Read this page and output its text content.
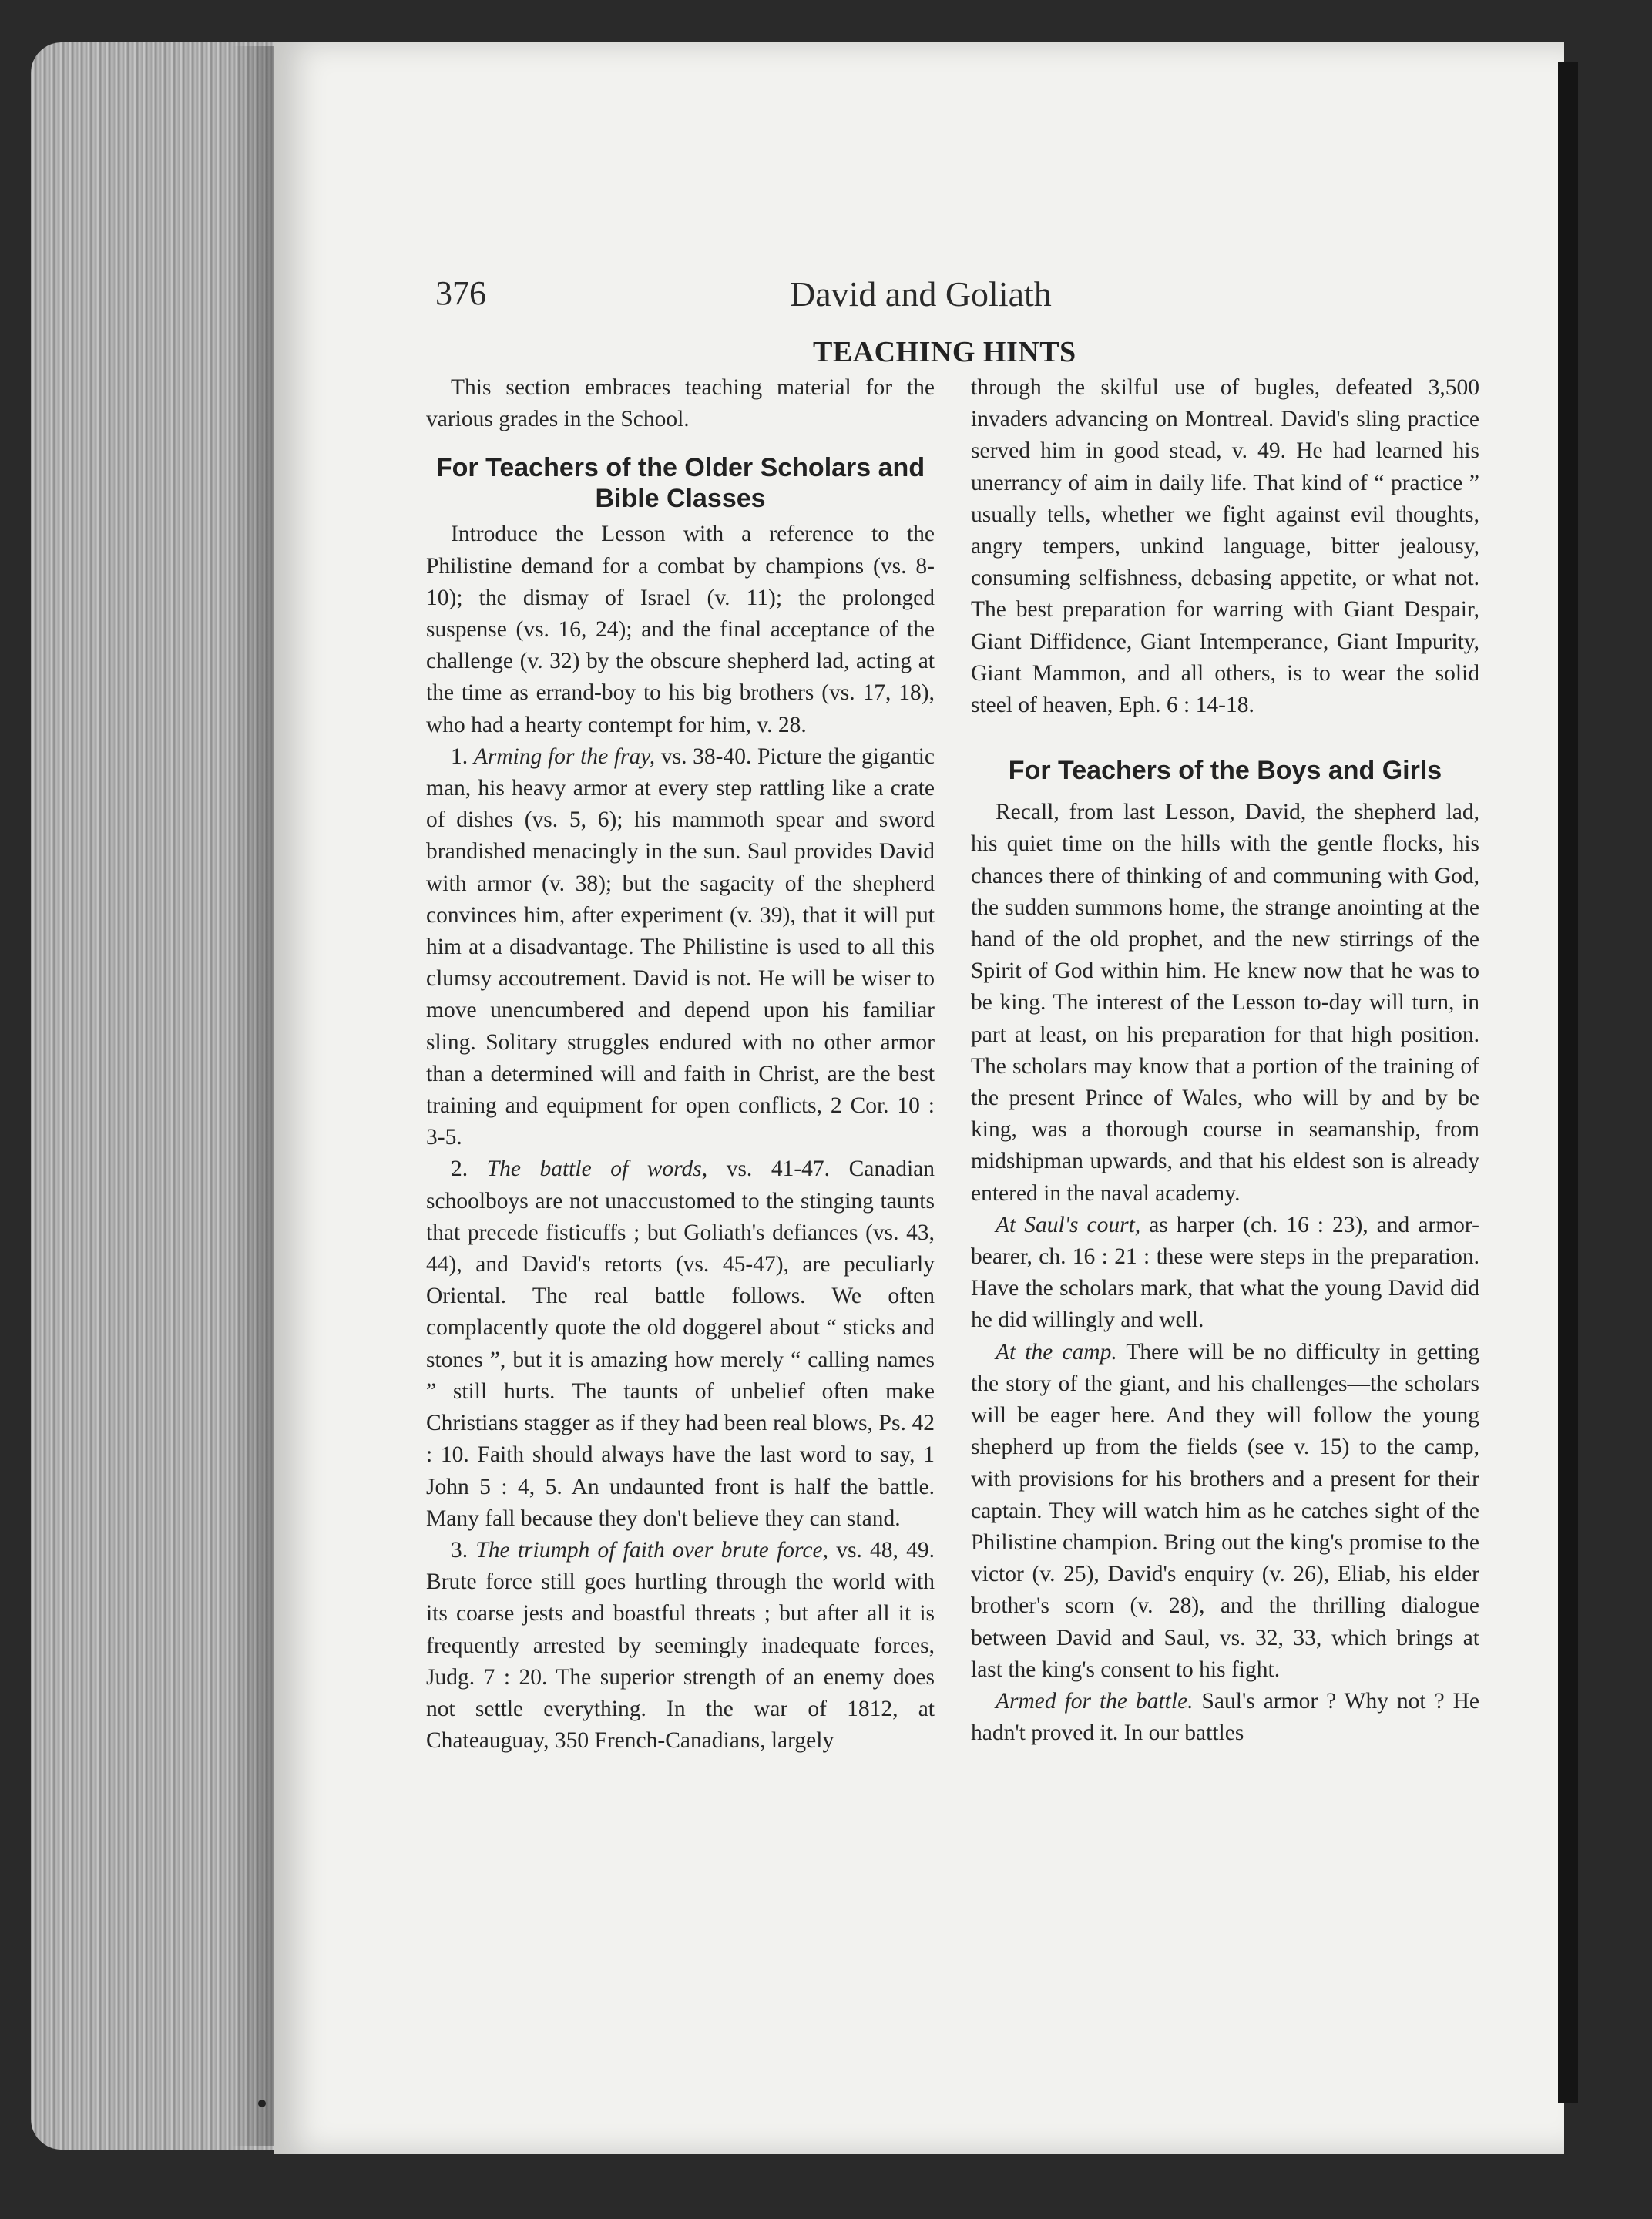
376	David and Goliath
TEACHING HINTS

This section embraces teaching material for the various grades in the School.

For Teachers of the Older Scholars and Bible Classes

Introduce the Lesson with a reference to the Philistine demand for a combat by champions (vs. 8-10); the dismay of Israel (v. 11); the prolonged suspense (vs. 16, 24); and the final acceptance of the challenge (v. 32) by the obscure shepherd lad, acting at the time as errand-boy to his big brothers (vs. 17, 18), who had a hearty contempt for him, v. 28.

1. Arming for the fray, vs. 38-40. Picture the gigantic man, his heavy armor at every step rattling like a crate of dishes (vs. 5, 6); his mammoth spear and sword brandished menacingly in the sun. Saul provides David with armor (v. 38); but the sagacity of the shepherd convinces him, after experiment (v. 39), that it will put him at a disadvantage. The Philistine is used to all this clumsy accoutrement. David is not. He will be wiser to move unencumbered and depend upon his familiar sling. Solitary struggles endured with no other armor than a determined will and faith in Christ, are the best training and equipment for open conflicts, 2 Cor. 10 : 3-5.

2. The battle of words, vs. 41-47. Canadian schoolboys are not unaccustomed to the stinging taunts that precede fisticuffs ; but Goliath's defiances (vs. 43, 44), and David's retorts (vs. 45-47), are peculiarly Oriental. The real battle follows. We often complacently quote the old doggerel about “ sticks and stones ”, but it is amazing how merely “ calling names ” still hurts. The taunts of unbelief often make Christians stagger as if they had been real blows, Ps. 42 : 10. Faith should always have the last word to say, 1 John 5 : 4, 5. An undaunted front is half the battle. Many fall because they don't believe they can stand.

3. The triumph of faith over brute force, vs. 48, 49. Brute force still goes hurtling through the world with its coarse jests and boastful threats ; but after all it is frequently arrested by seemingly inadequate forces, Judg. 7 : 20. The superior strength of an enemy does not settle everything. In the war of 1812, at Chateauguay, 350 French-Canadians, largely

through the skilful use of bugles, defeated 3,500 invaders advancing on Montreal. David's sling practice served him in good stead, v. 49. He had learned his unerrancy of aim in daily life. That kind of “ practice ” usually tells, whether we fight against evil thoughts, angry tempers, unkind language, bitter jealousy, consuming selfishness, debasing appetite, or what not. The best preparation for warring with Giant Despair, Giant Diffidence, Giant Intemperance, Giant Impurity, Giant Mammon, and all others, is to wear the solid steel of heaven, Eph. 6 : 14-18.

For Teachers of the Boys and Girls

Recall, from last Lesson, David, the shepherd lad, his quiet time on the hills with the gentle flocks, his chances there of thinking of and communing with God, the sudden summons home, the strange anointing at the hand of the old prophet, and the new stirrings of the Spirit of God within him. He knew now that he was to be king. The interest of the Lesson to-day will turn, in part at least, on his preparation for that high position. The scholars may know that a portion of the training of the present Prince of Wales, who will by and by be king, was a thorough course in seamanship, from midshipman upwards, and that his eldest son is already entered in the naval academy.

At Saul's court, as harper (ch. 16 : 23), and armor-bearer, ch. 16 : 21 : these were steps in the preparation. Have the scholars mark, that what the young David did he did willingly and well.

At the camp. There will be no difficulty in getting the story of the giant, and his challenges—the scholars will be eager here. And they will follow the young shepherd up from the fields (see v. 15) to the camp, with provisions for his brothers and a present for their captain. They will watch him as he catches sight of the Philistine champion. Bring out the king's promise to the victor (v. 25), David's enquiry (v. 26), Eliab, his elder brother's scorn (v. 28), and the thrilling dialogue between David and Saul, vs. 32, 33, which brings at last the king's consent to his fight.

Armed for the battle. Saul's armor ? Why not ? He hadn't proved it. In our battles
